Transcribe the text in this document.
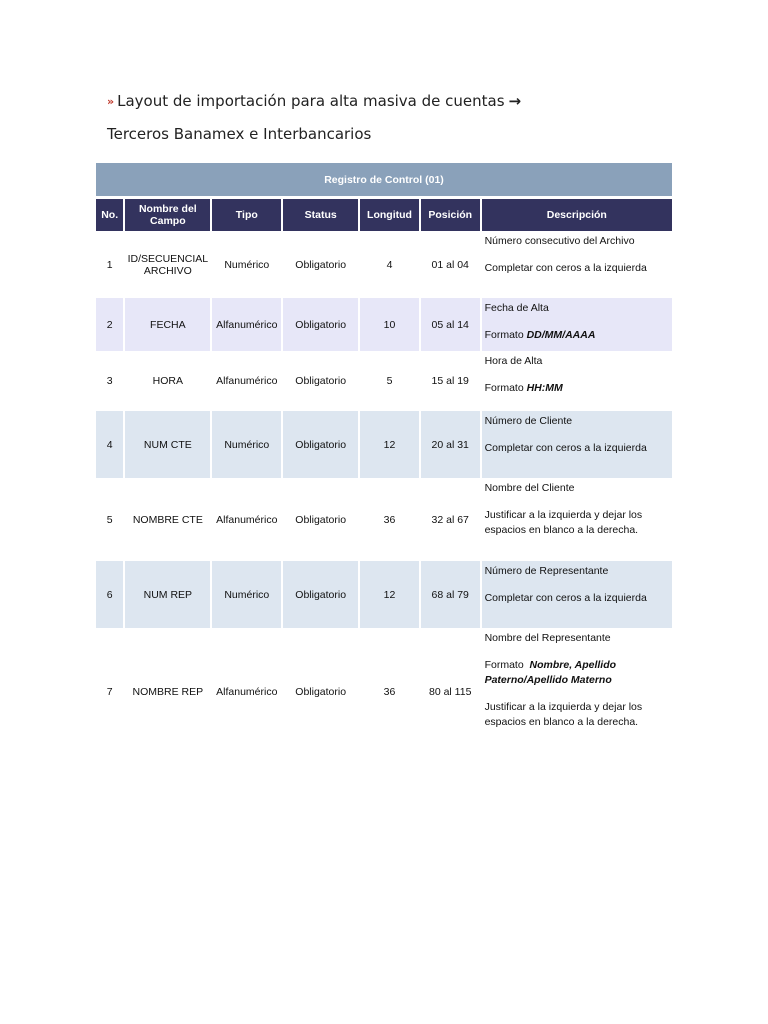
» Layout de importación para alta masiva de cuentas →
Terceros Banamex e Interbancarios
Registro de Control (01)						

No.	Nombre del Campo	Tipo	Status	Longitud	Posición	Descripción
1	ID/SECUENCIAL ARCHIVO	Numérico	Obligatorio	4	01 al 04	Número consecutivo del Archivo

Completar con ceros a la izquierda

2	FECHA	Alfanumérico	Obligatorio	10	05 al 14	Fecha de Alta

Formato DD/MM/AAAA

3	HORA	Alfanumérico	Obligatorio	5	15 al 19	Hora de Alta

Formato HH:MM

4	NUM CTE	Numérico	Obligatorio	12	20 al 31	Número de Cliente

Completar con ceros a la izquierda

5	NOMBRE CTE	Alfanumérico	Obligatorio	36	32 al 67	Nombre del Cliente

Justificar a la izquierda y dejar los espacios en blanco a la derecha.

6	NUM REP	Numérico	Obligatorio	12	68 al 79	Número de Representante

Completar con ceros a la izquierda

7	NOMBRE REP	Alfanumérico	Obligatorio	36	80 al 115	Nombre del Representante

Formato Nombre, Apellido Paterno/Apellido Materno

Justificar a la izquierda y dejar los espacios en blanco a la derecha.
